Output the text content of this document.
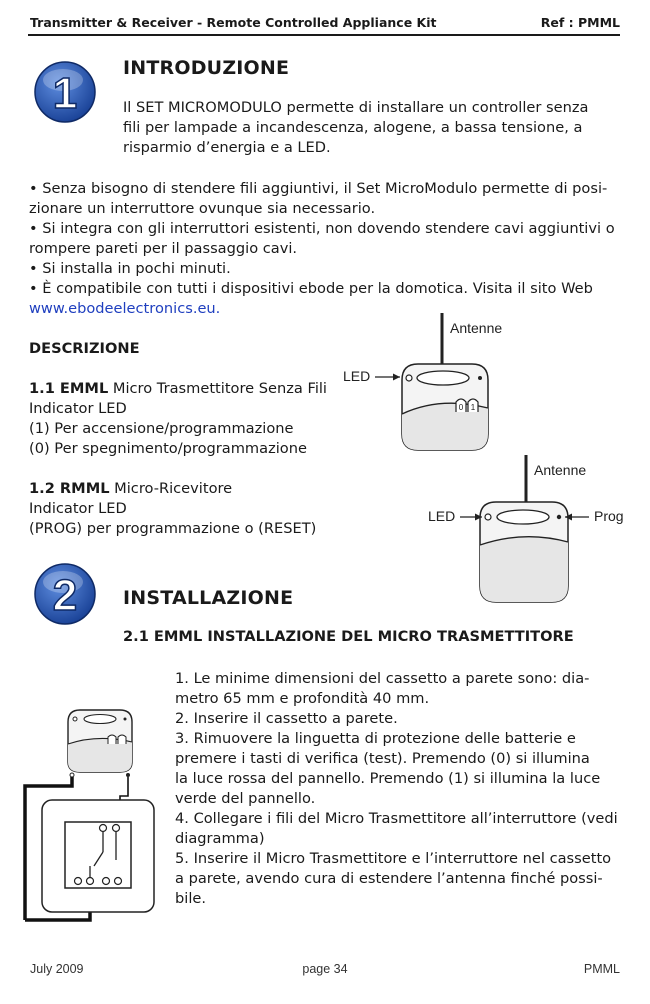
Transmitter & Receiver - Remote Controlled Appliance Kit	Ref : PMML
1
INTRODUZIONE
Il SET MICROMODULO permette di installare un controller senza
fili per lampade a incandescenza, alogene, a bassa tensione, a
risparmio d’energia e a LED.
• Senza bisogno di stendere fili aggiuntivi, il Set MicroModulo permette di posi-
zionare un interruttore ovunque sia necessario.
• Si integra con gli interruttori esistenti, non dovendo stendere cavi aggiuntivi o
rompere pareti per il passaggio cavi.
• Si installa in pochi minuti.
• È compatibile con tutti i dispositivi ebode per la domotica. Visita il sito Web
www.ebodeelectronics.eu.
DESCRIZIONE
1.1 EMML Micro Trasmettitore Senza Fili
Indicator LED
(1) Per accensione/programmazione
(0) Per spegnimento/programmazione
1.2 RMML Micro-Ricevitore
Indicator LED
(PROG) per programmazione o (RESET)
Antenne
0 1
LED
Antenne
LED	Prog
2 INSTALLAZIONE
2.1 EMML INSTALLAZIONE DEL MICRO TRASMETTITORE
1. Le minime dimensioni del cassetto a parete sono: dia-
metro 65 mm e profondità 40 mm.
2. Inserire il cassetto a parete.
3. Rimuovere la linguetta di protezione delle batterie e
premere i tasti di verifica (test). Premendo (0) si illumina
la luce rossa del pannello. Premendo (1) si illumina la luce
verde del pannello.
4. Collegare i fili del Micro Trasmettitore all’interruttore (vedi
diagramma)
5. Inserire il Micro Trasmettitore e l’interruttore nel cassetto
a parete, avendo cura di estendere l’antenna finché possi-
bile.
July 2009	page 34	PMML
